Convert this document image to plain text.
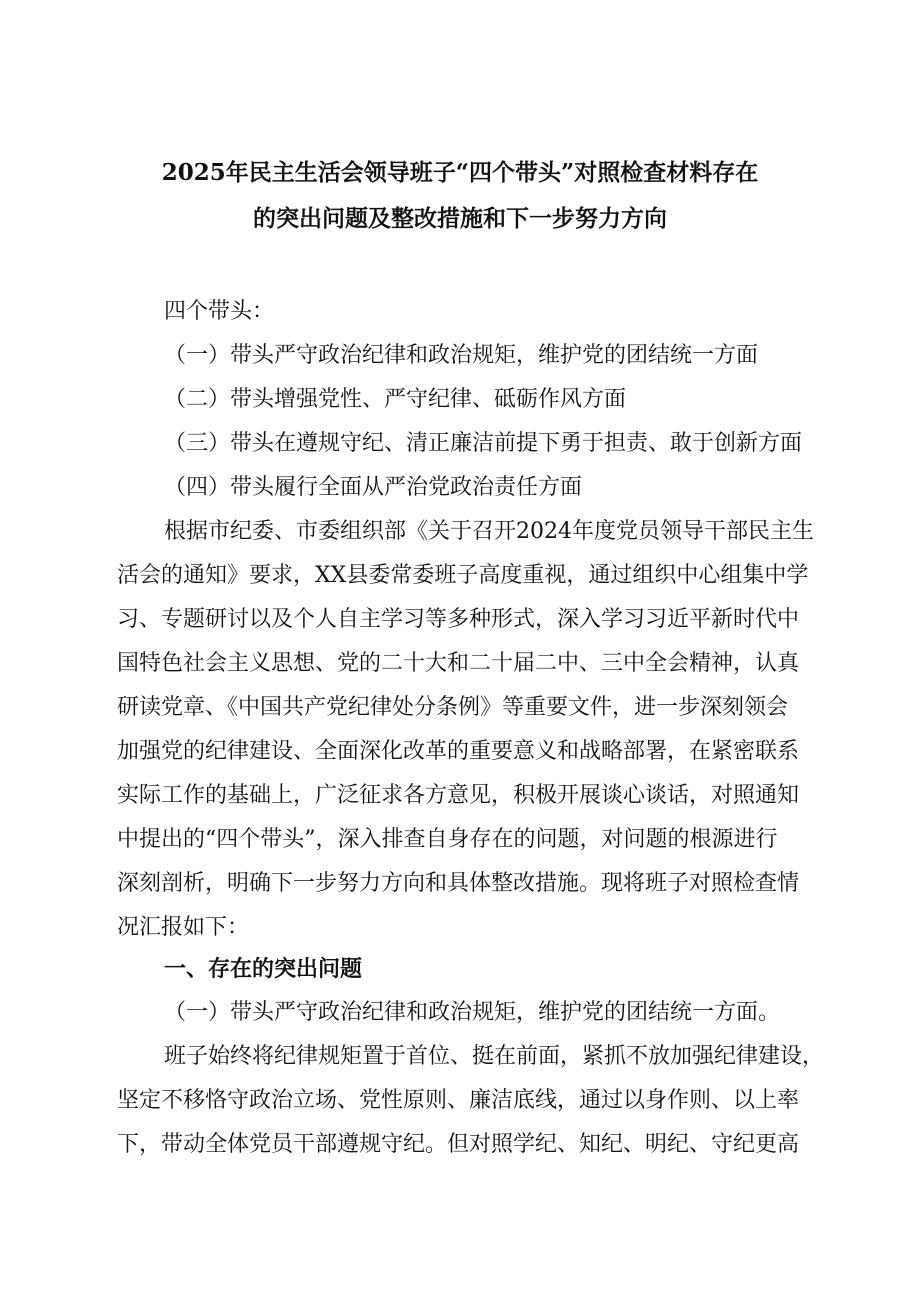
2025年民主生活会领导班子“四个带头”对照检查材料存在
的突出问题及整改措施和下一步努力方向

四个带头：

（一）带头严守政治纪律和政治规矩，维护党的团结统一方面

（二）带头增强党性、严守纪律、砥砺作风方面

（三）带头在遵规守纪、清正廉洁前提下勇于担责、敢于创新方面

（四）带头履行全面从严治党政治责任方面

根据市纪委、市委组织部《关于召开2024年度党员领导干部民主生

活会的通知》要求，XX县委常委班子高度重视，通过组织中心组集中学

习、专题研讨以及个人自主学习等多种形式，深入学习习近平新时代中

国特色社会主义思想、党的二十大和二十届二中、三中全会精神，认真

研读党章、《中国共产党纪律处分条例》等重要文件，进一步深刻领会

加强党的纪律建设、全面深化改革的重要意义和战略部署，在紧密联系

实际工作的基础上，广泛征求各方意见，积极开展谈心谈话，对照通知

中提出的“四个带头”，深入排查自身存在的问题，对问题的根源进行

深刻剖析，明确下一步努力方向和具体整改措施。现将班子对照检查情

况汇报如下：

一、存在的突出问题

（一）带头严守政治纪律和政治规矩，维护党的团结统一方面。

班子始终将纪律规矩置于首位、挺在前面，紧抓不放加强纪律建设，

坚定不移恪守政治立场、党性原则、廉洁底线，通过以身作则、以上率

下，带动全体党员干部遵规守纪。但对照学纪、知纪、明纪、守纪更高
